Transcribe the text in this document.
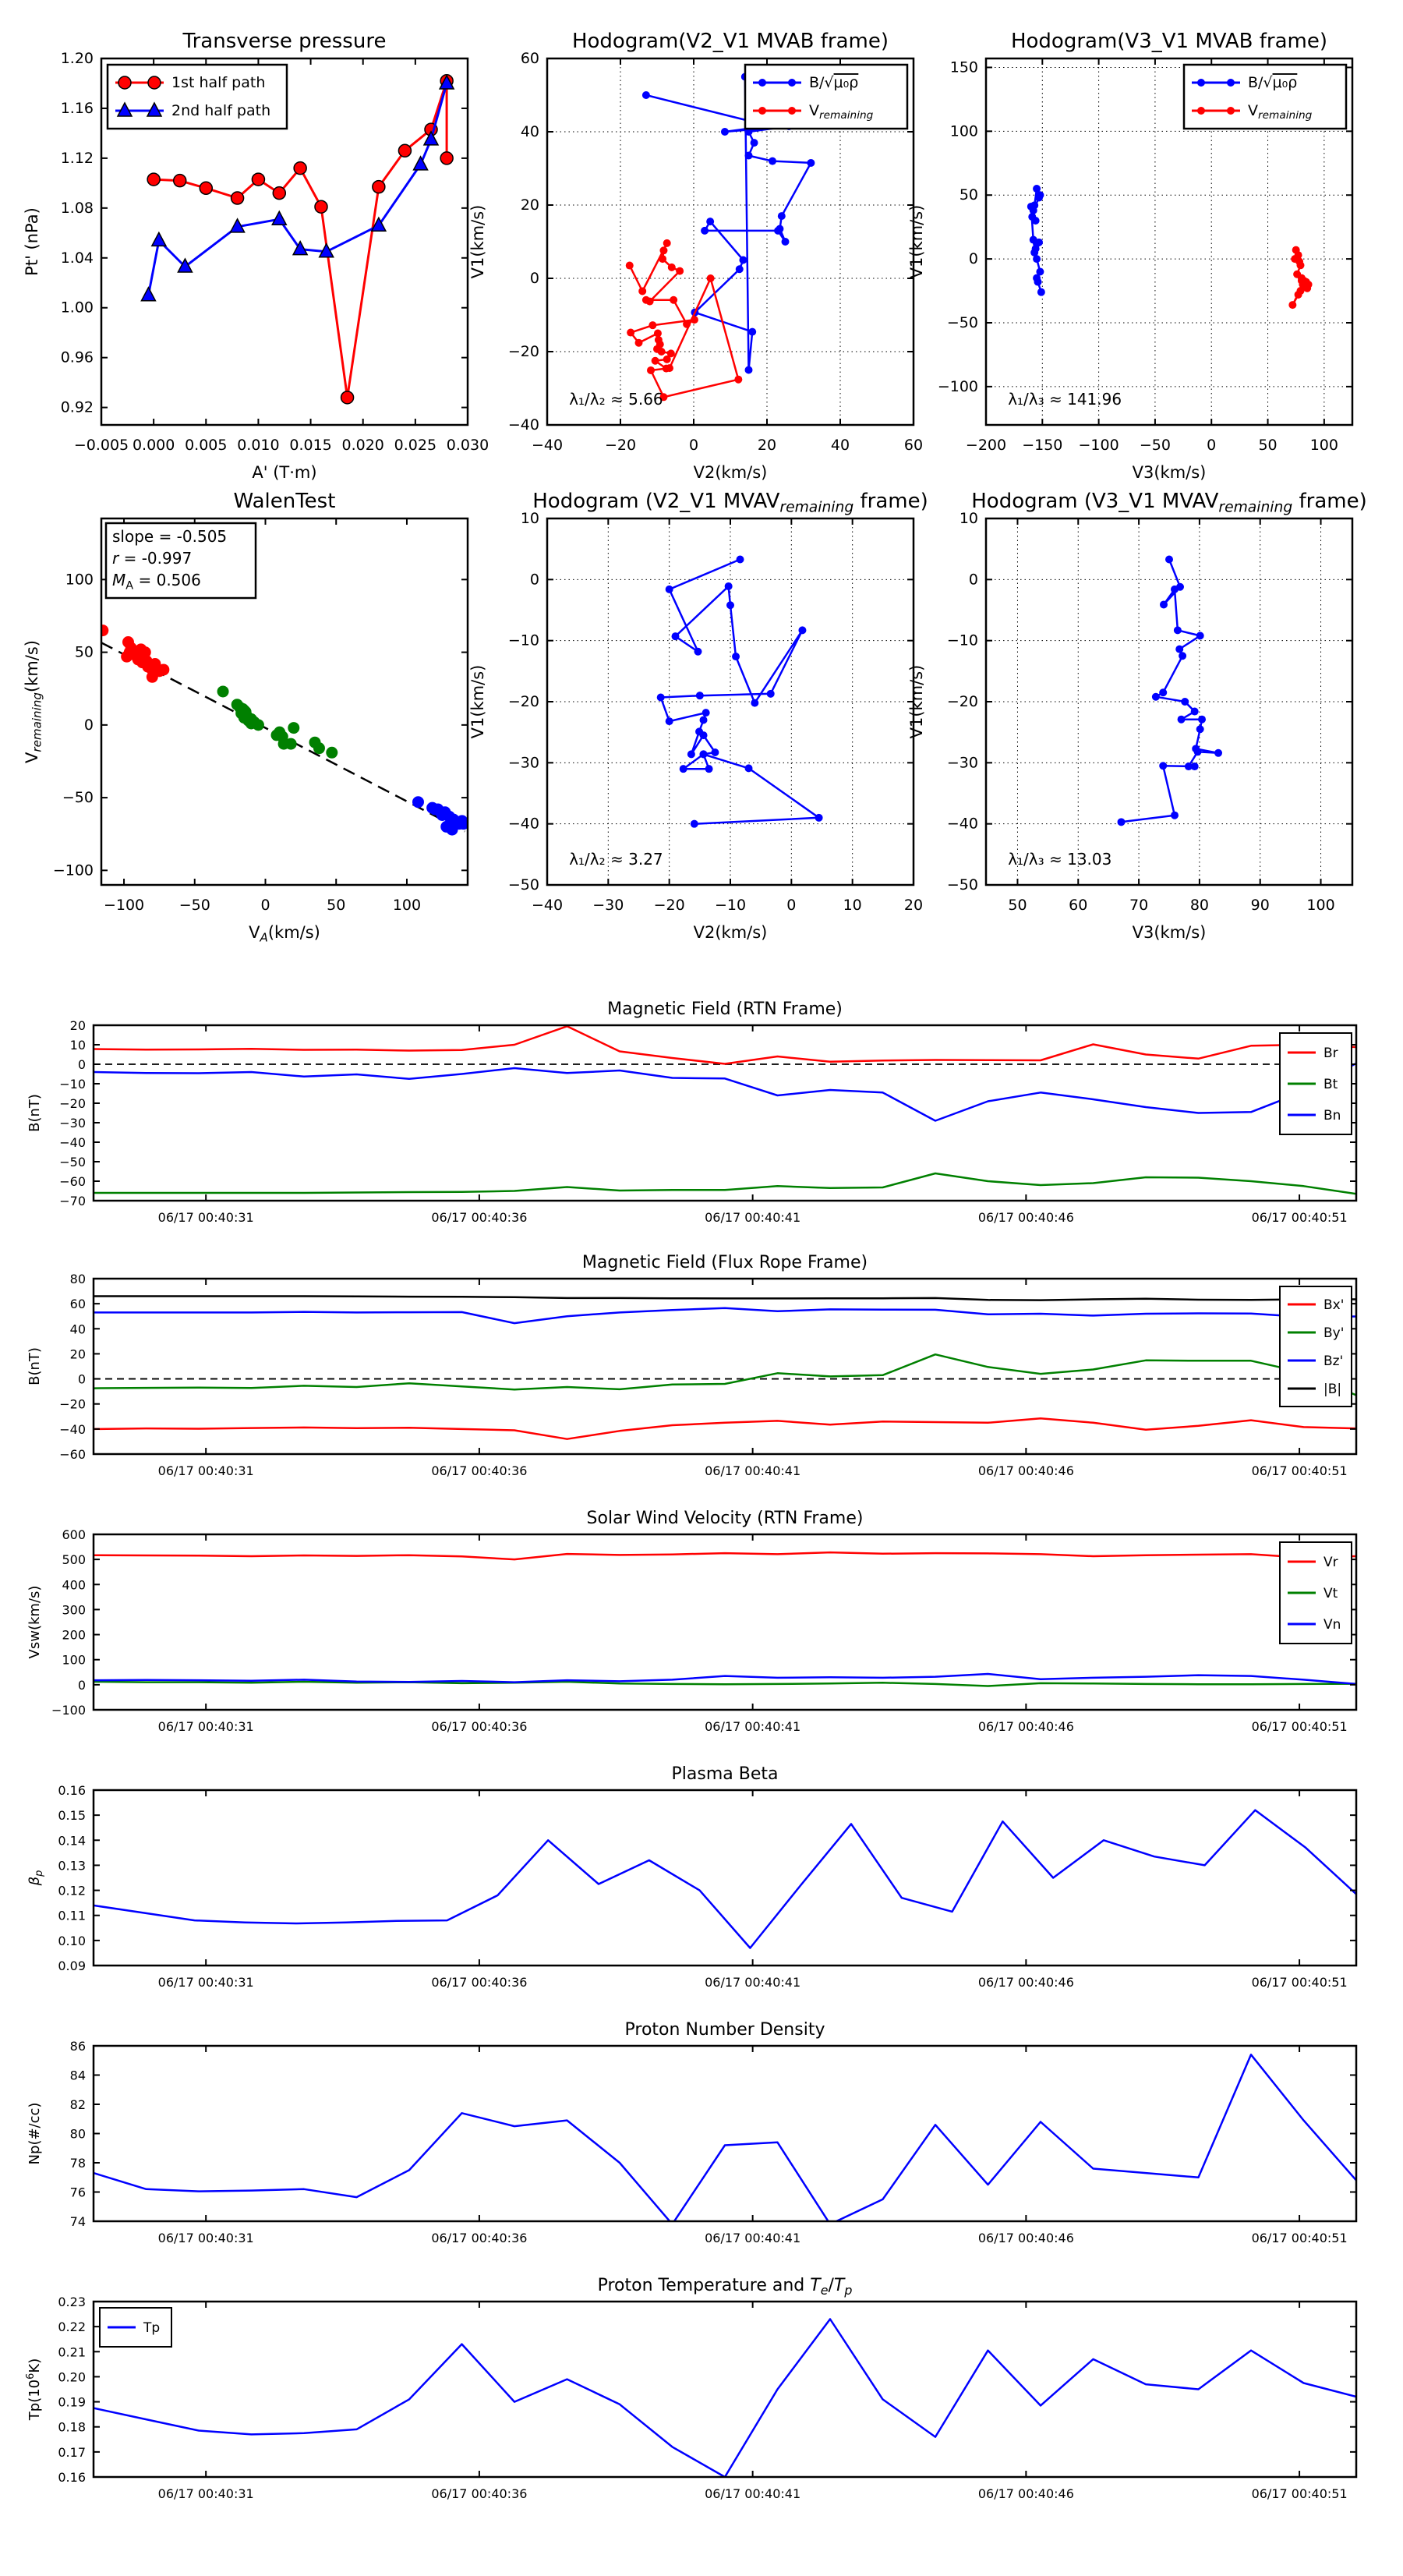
−0.005 0.000 0.005 0.010 0.015 0.020 0.025 0.030
0.92
0.96
1.00
1.04
1.08
1.12
1.16
1.20
Transverse pressure
A' (T·m)
Pt' (nPa)
1st half path
2nd half path
−40	−20	0	20	40	60
−40
−20
0
20
40
60
Hodogram(V2_V1 MVAB frame)
V2(km/s)
V1(km/s)
λ₁/λ₂ ≈ 5.66
B/√μ₀ρ
$V_{remaining}$
−200 −150 −100 −50 0	50 100
−100
−50
0
50
100
150
Hodogram(V3_V1 MVAB frame)
V3(km/s)
V1(km/s)
λ₁/λ₃ ≈ 141.96
B/√μ₀ρ
$V_{remaining}$
−100 −50	0	50	100
−100
−50
0
50
100
WalenTest
$V_A(km/s)$
$V_{remaining}(km/s)$
slope = -0.505
r = -0.997
$M_A = 0.506$
−40 −30 −20 −10	0	10	20
−50
−40
−30
−20
−10
0
10
Hodogram (V2_V1 $MVAV_{remaining}$ frame)
V2(km/s)
V1(km/s)
λ₁/λ₂ ≈ 3.27
50	60	70	80	90	100
−50
−40
−30
−20
−10
0
10
Hodogram (V3_V1 $MVAV_{remaining}$ frame)
V3(km/s)
V1(km/s)
λ₁/λ₃ ≈ 13.03
06/17 00:40:31	06/17 00:40:36	06/17 00:40:41	06/17 00:40:46	06/17 00:40:51
20
10
0
−10
−20
−30
−40
−50
−60
−70
Magnetic Field (RTN Frame)
B(nT)
Br
Bt
Bn
06/17 00:40:31	06/17 00:40:36	06/17 00:40:41	06/17 00:40:46	06/17 00:40:51
80
60
40
20
0
−20
−40
−60
Magnetic Field (Flux Rope Frame)
B(nT)
Bx'
By'
Bz'
|B|
06/17 00:40:31	06/17 00:40:36	06/17 00:40:41	06/17 00:40:46	06/17 00:40:51
600
500
400
300
200
100
0
−100
Solar Wind Velocity (RTN Frame)
Vsw(km/s)
Vr
Vt
Vn
06/17 00:40:31	06/17 00:40:36	06/17 00:40:41	06/17 00:40:46	06/17 00:40:51
0.16
0.15
0.14
0.13
0.12
0.11
0.10
0.09
Plasma Beta
$\beta_p$
06/17 00:40:31	06/17 00:40:36	06/17 00:40:41	06/17 00:40:46	06/17 00:40:51
86
84
82
80
78
76
74
Proton Number Density
Np(#/cc)
06/17 00:40:31	06/17 00:40:36	06/17 00:40:41	06/17 00:40:46	06/17 00:40:51
0.23
0.22
0.21
0.20
0.19
0.18
0.17
0.16
Proton Temperature and $T_e/T_p$
$Tp(10^6K)$
Tp
